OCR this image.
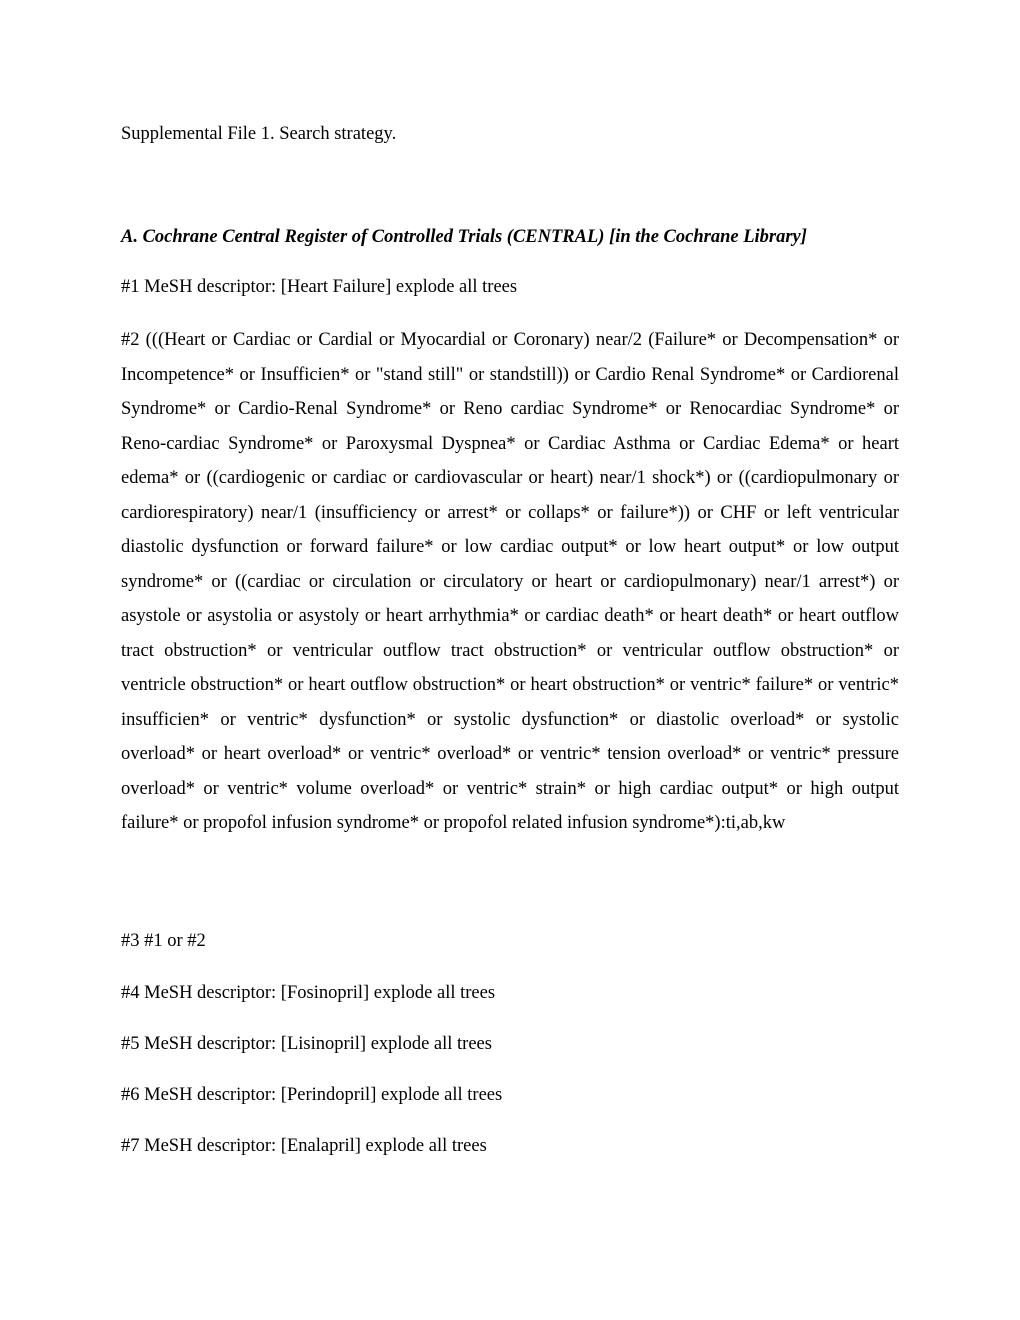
Supplemental File 1. Search strategy.

A. Cochrane Central Register of Controlled Trials (CENTRAL) [in the Cochrane Library]

#1 MeSH descriptor: [Heart Failure] explode all trees

#2 (((Heart or Cardiac or Cardial or Myocardial or Coronary) near/2 (Failure* or Decompensation* or Incompetence* or Insufficien* or "stand still" or standstill)) or Cardio Renal Syndrome* or Cardiorenal Syndrome* or Cardio-Renal Syndrome* or Reno cardiac Syndrome* or Renocardiac Syndrome* or Reno-cardiac Syndrome* or Paroxysmal Dyspnea* or Cardiac Asthma or Cardiac Edema* or heart edema* or ((cardiogenic or cardiac or cardiovascular or heart) near/1 shock*) or ((cardiopulmonary or cardiorespiratory) near/1 (insufficiency or arrest* or collaps* or failure*)) or CHF or left ventricular diastolic dysfunction or forward failure* or low cardiac output* or low heart output* or low output syndrome* or ((cardiac or circulation or circulatory or heart or cardiopulmonary) near/1 arrest*) or asystole or asystolia or asystoly or heart arrhythmia* or cardiac death* or heart death* or heart outflow tract obstruction* or ventricular outflow tract obstruction* or ventricular outflow obstruction* or ventricle obstruction* or heart outflow obstruction* or heart obstruction* or ventric* failure* or ventric* insufficien* or ventric* dysfunction* or systolic dysfunction* or diastolic overload* or systolic overload* or heart overload* or ventric* overload* or ventric* tension overload* or ventric* pressure overload* or ventric* volume overload* or ventric* strain* or high cardiac output* or high output failure* or propofol infusion syndrome* or propofol related infusion syndrome*):ti,ab,kw

#3 #1 or #2

#4 MeSH descriptor: [Fosinopril] explode all trees

#5 MeSH descriptor: [Lisinopril] explode all trees

#6 MeSH descriptor: [Perindopril] explode all trees

#7 MeSH descriptor: [Enalapril] explode all trees
